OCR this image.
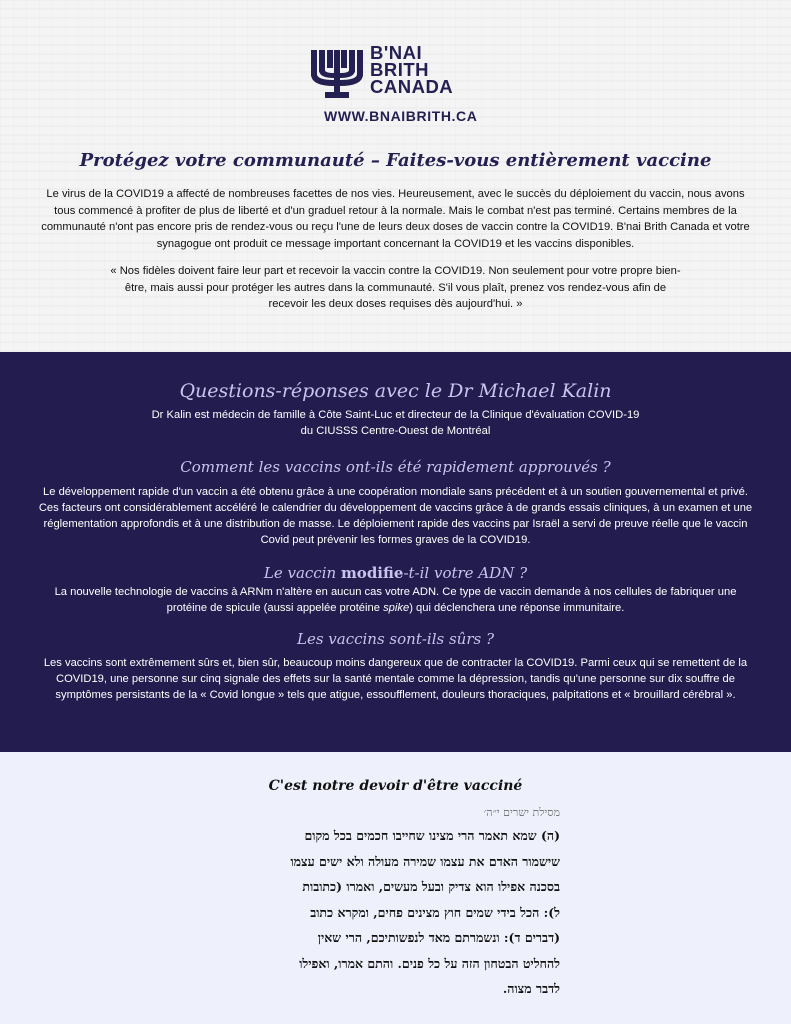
B'NAI
BRITH
CANADA
WWW.BNAIBRITH.CA
Protégez votre communauté – Faites-vous entièrement vaccine
Le virus de la COVID19 a affecté de nombreuses facettes de nos vies. Heureusement, avec le succès du déploiement du vaccin, nous avons tous commencé à profiter de plus de liberté et d'un graduel retour à la normale. Mais le combat n'est pas terminé. Certains membres de la communauté n'ont pas encore pris de rendez-vous ou reçu l'une de leurs deux doses de vaccin contre la COVID19. B'nai Brith Canada et votre synagogue ont produit ce message important concernant la COVID19 et les vaccins disponibles.
« Nos fidèles doivent faire leur part et recevoir la vaccin contre la COVID19. Non seulement pour votre propre bien-être, mais aussi pour protéger les autres dans la communauté. S'il vous plaît, prenez vos rendez-vous afin de recevoir les deux doses requises dès aujourd'hui. »
Questions-réponses avec le Dr Michael Kalin
Dr Kalin est médecin de famille à Côte Saint-Luc et directeur de la Clinique d'évaluation COVID-19 du CIUSSS Centre-Ouest de Montréal
Comment les vaccins ont-ils été rapidement approuvés ?
Le développement rapide d'un vaccin a été obtenu grâce à une coopération mondiale sans précédent et à un soutien gouvernemental et privé. Ces facteurs ont considérablement accéléré le calendrier du développement de vaccins grâce à de grands essais cliniques, à un examen et une réglementation approfondis et à une distribution de masse. Le déploiement rapide des vaccins par Israël a servi de preuve réelle que le vaccin Covid peut prévenir les formes graves de la COVID19.
Le vaccin modifie-t-il votre ADN ?
La nouvelle technologie de vaccins à ARNm n'altère en aucun cas votre ADN. Ce type de vaccin demande à nos cellules de fabriquer une protéine de spicule (aussi appelée protéine spike) qui déclenchera une réponse immunitaire.
Les vaccins sont-ils sûrs ?
Les vaccins sont extrêmement sûrs et, bien sûr, beaucoup moins dangereux que de contracter la COVID19. Parmi ceux qui se remettent de la COVID19, une personne sur cinq signale des effets sur la santé mentale comme la dépression, tandis qu'une personne sur dix souffre de symptômes persistants de la « Covid longue » tels que atigue, essoufflement, douleurs thoraciques, palpitations et « brouillard cérébral ».
C'est notre devoir d'être vacciné
מסילת ישרים י״ה׳
(ה) שמא תאמר הרי מצינו שחייבו חכמים בכל מקום
שישמור האדם את עצמו שמירה מעולה ולא ישים עצמו
בסכנה אפילו הוא צדיק ובעל מעשים, ואמרו (כתובות
ל): הכל בידי שמים חוץ מצינים פחים, ומקרא כתוב
(דברים ד): ונשמרתם מאד לנפשותיכם, הרי שאין
להחליט הבטחון הזה על כל פנים. והתם אמרו, ואפילו
לדבר מצוה.
